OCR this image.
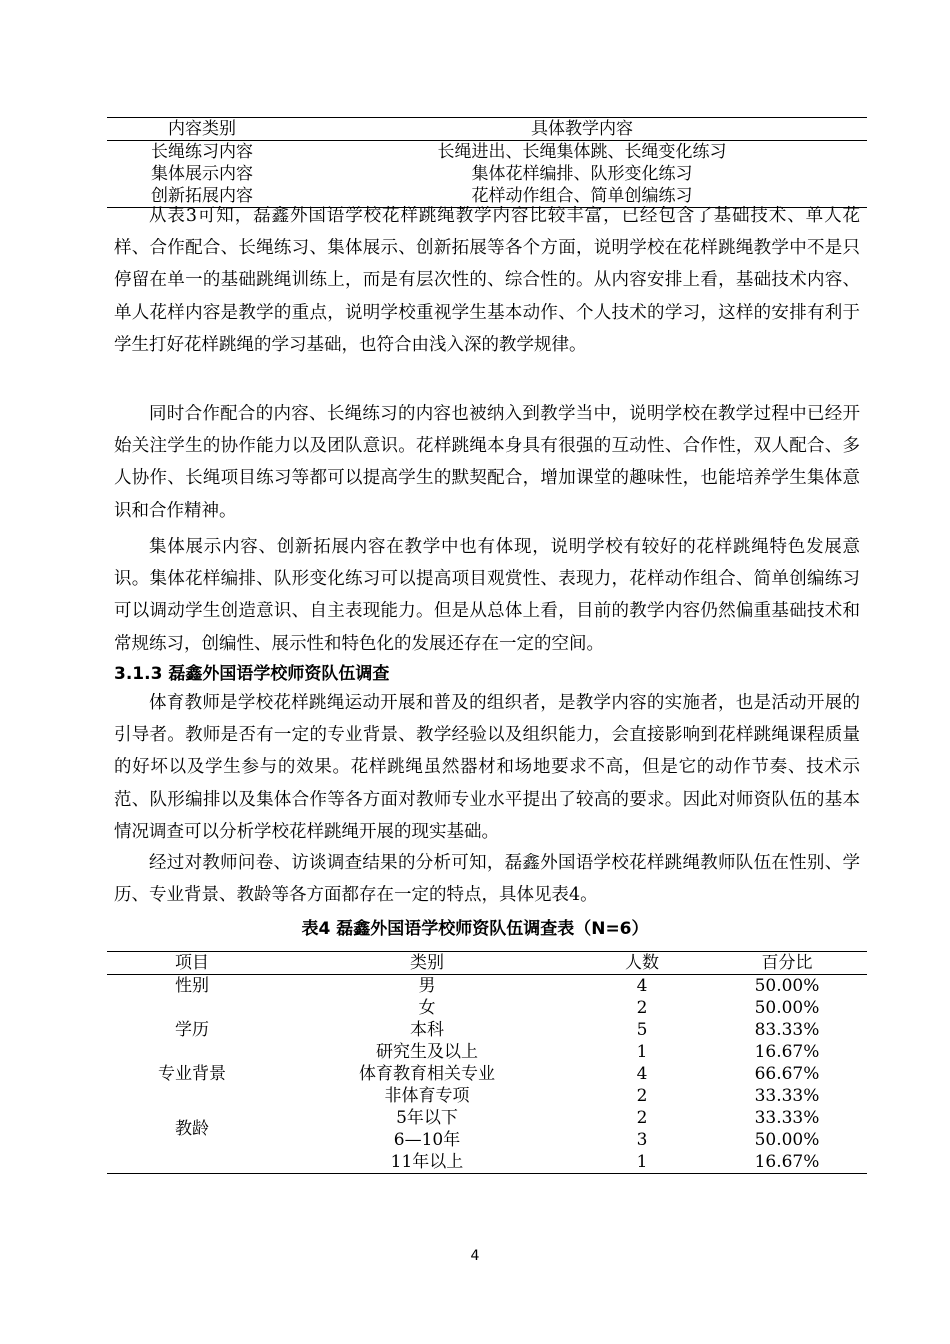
内容类别	具体教学内容
长绳练习内容	长绳进出、长绳集体跳、长绳变化练习
集体展示内容	集体花样编排、队形变化练习
创新拓展内容	花样动作组合、简单创编练习

从表3可知，磊鑫外国语学校花样跳绳教学内容比较丰富，已经包含了基础技术、单人花样、合作配合、长绳练习、集体展示、创新拓展等各个方面，说明学校在花样跳绳教学中不是只停留在单一的基础跳绳训练上，而是有层次性的、综合性的。从内容安排上看，基础技术内容、单人花样内容是教学的重点，说明学校重视学生基本动作、个人技术的学习，这样的安排有利于学生打好花样跳绳的学习基础，也符合由浅入深的教学规律。

同时合作配合的内容、长绳练习的内容也被纳入到教学当中，说明学校在教学过程中已经开始关注学生的协作能力以及团队意识。花样跳绳本身具有很强的互动性、合作性，双人配合、多人协作、长绳项目练习等都可以提高学生的默契配合，增加课堂的趣味性，也能培养学生集体意识和合作精神。

集体展示内容、创新拓展内容在教学中也有体现，说明学校有较好的花样跳绳特色发展意识。集体花样编排、队形变化练习可以提高项目观赏性、表现力，花样动作组合、简单创编练习可以调动学生创造意识、自主表现能力。但是从总体上看，目前的教学内容仍然偏重基础技术和常规练习，创编性、展示性和特色化的发展还存在一定的空间。

3.1.3 磊鑫外国语学校师资队伍调查

体育教师是学校花样跳绳运动开展和普及的组织者，是教学内容的实施者，也是活动开展的引导者。教师是否有一定的专业背景、教学经验以及组织能力，会直接影响到花样跳绳课程质量的好坏以及学生参与的效果。花样跳绳虽然器材和场地要求不高，但是它的动作节奏、技术示范、队形编排以及集体合作等各方面对教师专业水平提出了较高的要求。因此对师资队伍的基本情况调查可以分析学校花样跳绳开展的现实基础。

经过对教师问卷、访谈调查结果的分析可知，磊鑫外国语学校花样跳绳教师队伍在性别、学历、专业背景、教龄等各方面都存在一定的特点，具体见表4。

表4 磊鑫外国语学校师资队伍调查表（N=6）
项目	类别	人数	百分比
性别	男	4	50.00%
	女	2	50.00%
学历	本科	5	83.33%
	研究生及以上	1	16.67%
专业背景	体育教育相关专业	4	66.67%
	非体育专项	2	33.33%
教龄	5年以下	2	33.33%
	6—10年	3	50.00%
	11年以上	1	16.67%
4
